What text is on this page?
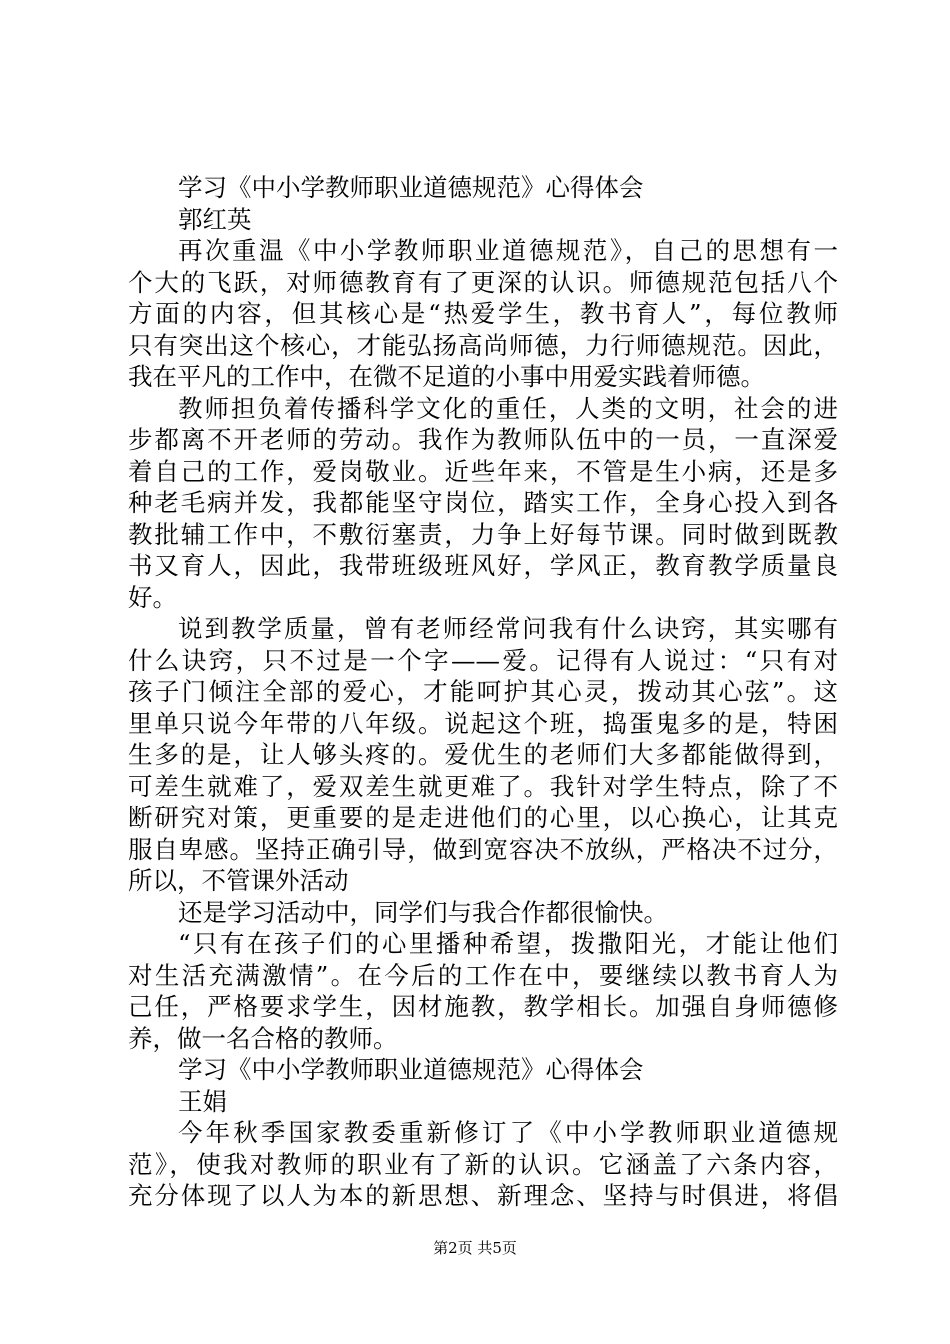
学习《中小学教师职业道德规范》心得体会
郭红英
再次重温《中小学教师职业道德规范》，自己的思想有一
个大的飞跃，对师德教育有了更深的认识。师德规范包括八个
方面的内容，但其核心是“热爱学生，教书育人”，每位教师
只有突出这个核心，才能弘扬高尚师德，力行师德规范。因此，
我在平凡的工作中，在微不足道的小事中用爱实践着师德。
教师担负着传播科学文化的重任，人类的文明，社会的进
步都离不开老师的劳动。我作为教师队伍中的一员，一直深爱
着自己的工作，爱岗敬业。近些年来，不管是生小病，还是多
种老毛病并发，我都能坚守岗位，踏实工作，全身心投入到各
教批辅工作中，不敷衍塞责，力争上好每节课。同时做到既教
书又育人，因此，我带班级班风好，学风正，教育教学质量良
好。
说到教学质量，曾有老师经常问我有什么诀窍，其实哪有
什么诀窍，只不过是一个字——爱。记得有人说过：“只有对
孩子门倾注全部的爱心，才能呵护其心灵，拨动其心弦”。这
里单只说今年带的八年级。说起这个班，捣蛋鬼多的是，特困
生多的是，让人够头疼的。爱优生的老师们大多都能做得到，
可差生就难了，爱双差生就更难了。我针对学生特点，除了不
断研究对策，更重要的是走进他们的心里，以心换心，让其克
服自卑感。坚持正确引导，做到宽容决不放纵，严格决不过分，
所以，不管课外活动
还是学习活动中，同学们与我合作都很愉快。
“只有在孩子们的心里播种希望，拨撒阳光，才能让他们
对生活充满激情”。在今后的工作在中，要继续以教书育人为
己任，严格要求学生，因材施教，教学相长。加强自身师德修
养，做一名合格的教师。
学习《中小学教师职业道德规范》心得体会
王娟
今年秋季国家教委重新修订了《中小学教师职业道德规
范》，使我对教师的职业有了新的认识。它涵盖了六条内容，
充分体现了以人为本的新思想、新理念、坚持与时俱进，将倡
第2页 共5页
